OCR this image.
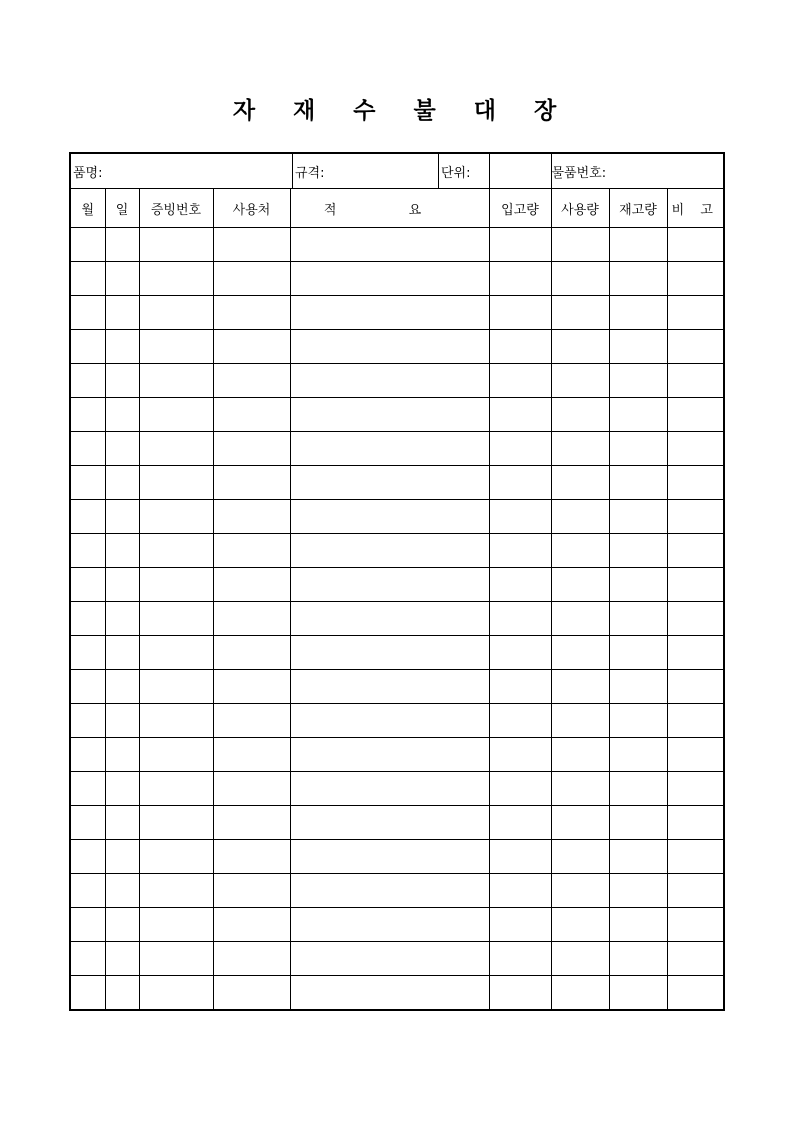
자 재 수 불 대 장
품명: 규격: 단위:						물품번호:		
월	일	증빙번호	사용처	적 요	입고량	사용량	재고량	비 고
